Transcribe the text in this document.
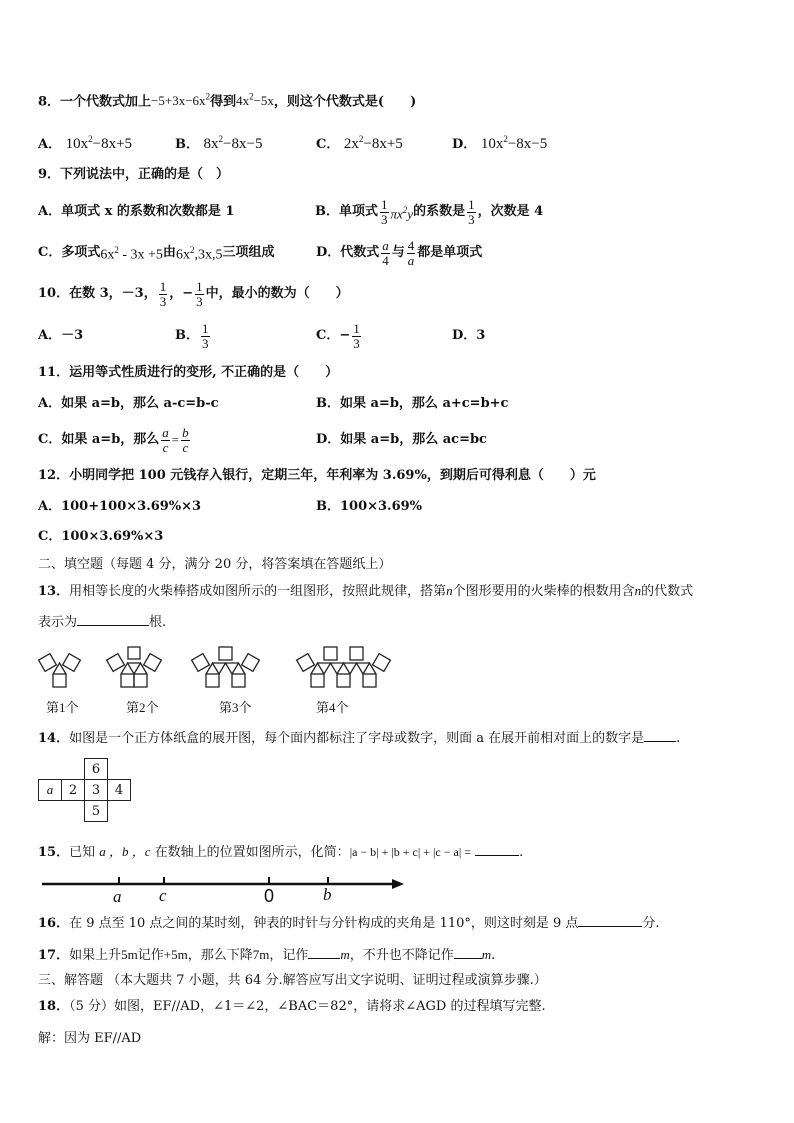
8．一个代数式加上$-5+3x-6x^2$得到$4x^2-5x$，则这个代数式是(　　)
A． $10x^2-8x+5$	B． $8x^2-8x-5$	C． $2x^2-8x+5$	D． $10x^2-8x-5$
9．下列说法中，正确的是（　）
A．单项式 x 的系数和次数都是 1	B．单项式 $\frac{1}{3} \pi x^2y$ 的系数是 $\frac{1}{3}$ ，次数是 4
C．多项式 $6x^2 - 3x +5$ 由 $6x^2,3x,5$ 三项组成	D．代数式 $\frac{a}{4}$ 与 $\frac{4}{a}$ 都是单项式
10． 在数 3，－3， $\frac{1}{3}$ ，− $\frac{1}{3}$ 中，最小的数为（　　）
A．－3	B． $\frac{1}{3}$	C． − $\frac{1}{3}$	D．3
11．运用等式性质进行的变形, 不正确的是（　　）
A．如果 a=b，那么 a-c=b-c	B．如果 a=b，那么 a+c=b+c
C．如果 a=b，那么 $\frac{a}{c} = \frac{b}{c}$	D．如果 a=b，那么 ac=bc
12．小明同学把 100 元钱存入银行，定期三年，年利率为 3.69%，到期后可得利息（　　）元
A．100+100×3.69%×3	B．100×3.69%
C．100×3.69%×3
二、填空题（每题 4 分，满分 20 分，将答案填在答题纸上）
13．用相等长度的火柴棒搭成如图所示的一组图形，按照此规律，搭第n个图形要用的火柴棒的根数用含n的代数式
表示为	根.
第1个	第2个	第3个	第4个
14．如图是一个正方体纸盒的展开图，每个面内都标注了字母或数字，则面 a 在展开前相对面上的数字是 .
		6	
a	2	3	4
		5	
15．已知 a ，b ，c 在数轴上的位置如图所示，化简：|a − b| + |b + c| + |c − a| =	.
a c	0	b
16．在 9 点至 10 点之间的某时刻，钟表的时针与分针构成的夹角是 110°，则这时刻是 9 点	分.
17．如果上升5m记作+5m，那么下降7m，记作 m，不升也不降记作 m.
三、解答题 （本大题共 7 小题，共 64 分.解答应写出文字说明、证明过程或演算步骤.）
18．（5 分）如图，EF//AD，∠1＝∠2，∠BAC＝82°，请将求∠AGD 的过程填写完整.
解：因为 EF//AD
